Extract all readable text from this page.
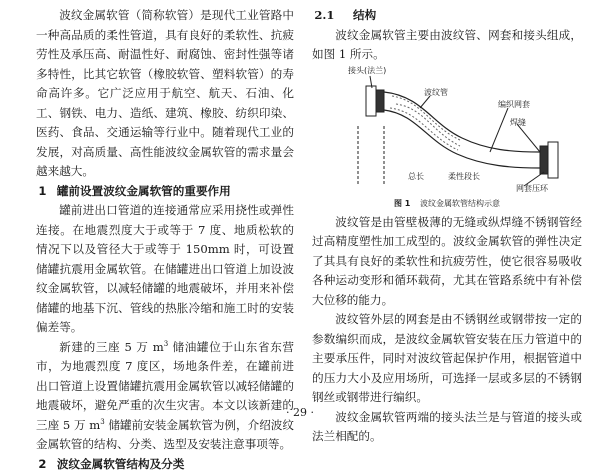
波纹金属软管（简称软管）是现代工业管路中一种高品质的柔性管道，具有良好的柔软性、抗疲劳性及承压高、耐温性好、耐腐蚀、密封性强等诸多特性，比其它软管（橡胶软管、塑料软管）的寿命高许多。它广泛应用于航空、航天、石油、化工、钢铁、电力、造纸、建筑、橡胶、纺织印染、医药、食品、交通运输等行业中。随着现代工业的发展，对高质量、高性能波纹金属软管的需求量会越来越大。

1 罐前设置波纹金属软管的重要作用

罐前进出口管道的连接通常应采用挠性或弹性连接。在地震烈度大于或等于 7 度、地质松软的情况下以及管径大于或等于 150mm 时，可设置储罐抗震用金属软管。在储罐进出口管道上加设波纹金属软管，以减轻储罐的地震破坏，并用来补偿储罐的地基下沉、管线的热胀冷缩和施工时的安装偏差等。

新建的三座 5 万 $m^3$ 储油罐位于山东省东营市，为地震烈度 7 度区，场地条件差，在罐前进出口管道上设置储罐抗震用金属软管以减轻储罐的地震破坏，避免严重的次生灾害。本文以该新建的三座 5 万 $m^3$ 储罐前安装金属软管为例，介绍波纹金属软管的结构、分类、选型及安装注意事项等。

2 波纹金属软管结构及分类
2.1 结构

波纹金属软管主要由波纹管、网套和接头组成，如图 1 所示。

接头(法兰)
波纹管
编织网套
焊缝
总长	柔性段长
网套压环
图 1 波纹金属软管结构示意

波纹管是由管壁极薄的无缝或纵焊缝不锈钢管经过高精度塑性加工成型的。波纹金属软管的弹性决定了其具有良好的柔软性和抗疲劳性，使它很容易吸收各种运动变形和循环载荷，尤其在管路系统中有补偿大位移的能力。

波纹管外层的网套是由不锈钢丝或钢带按一定的参数编织而成，是波纹金属软管安装在压力管道中的主要承压件，同时对波纹管起保护作用，根据管道中的压力大小及应用场所，可选择一层或多层的不锈钢钢丝或钢带进行编织。

波纹金属软管两端的接头法兰是与管道的接头或法兰相配的。

· 29 ·
